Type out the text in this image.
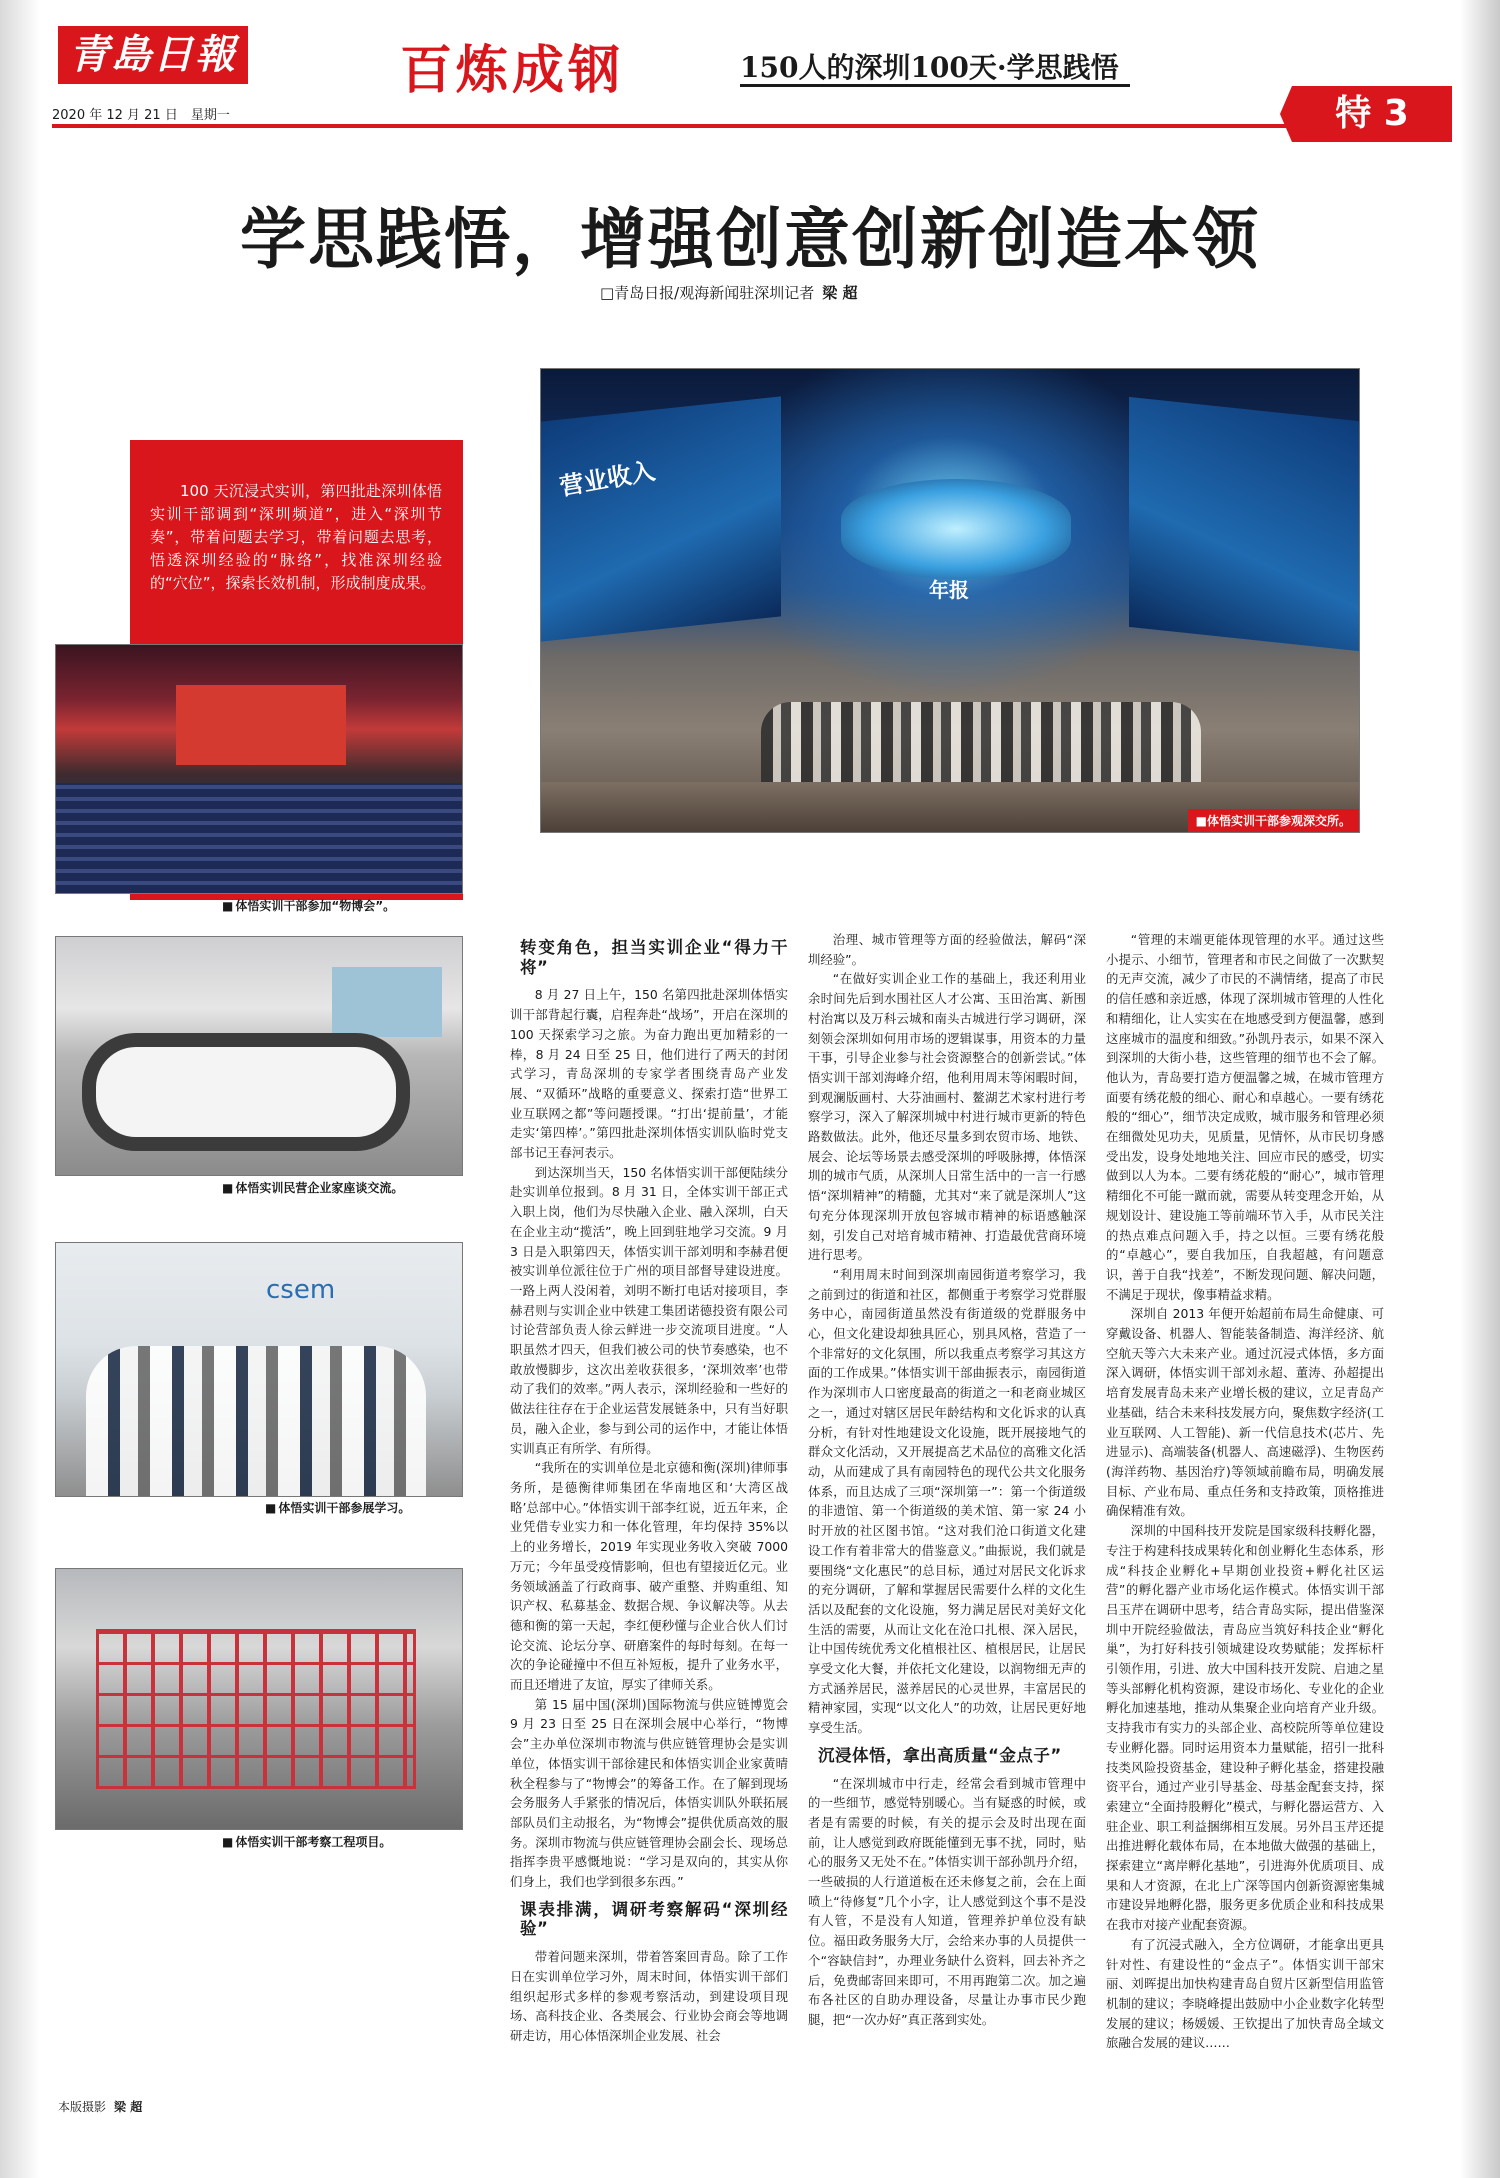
青島日報	百炼成钢	150人的深圳100天·学思践悟
2020 年 12 月 21 日　星期一	特 3
学思践悟，增强创意创新创造本领
□青岛日报/观海新闻驻深圳记者 梁 超

100 天沉浸式实训，第四批赴深圳体悟实训干部调到“深圳频道”，进入“深圳节奏”，带着问题去学习，带着问题去思考，悟透深圳经验的“脉络”，找准深圳经验的“穴位”，探索长效机制，形成制度成果。

营业收入
年报
■体悟实训干部参观深交所。
■ 体悟实训干部参加“物博会”。
■ 体悟实训民营企业家座谈交流。
csem
■ 体悟实训干部参展学习。
■ 体悟实训干部考察工程项目。
转变角色，担当实训企业“得力干将”

8 月 27 日上午，150 名第四批赴深圳体悟实训干部背起行囊，启程奔赴“战场”，开启在深圳的 100 天探索学习之旅。为奋力跑出更加精彩的一棒，8 月 24 日至 25 日，他们进行了两天的封闭式学习，青岛深圳的专家学者围绕青岛产业发展、“双循环”战略的重要意义、探索打造“世界工业互联网之都”等问题授课。“打出‘提前量’，才能走实‘第四棒’。”第四批赴深圳体悟实训队临时党支部书记王春河表示。

到达深圳当天，150 名体悟实训干部便陆续分赴实训单位报到。8 月 31 日，全体实训干部正式入职上岗，他们为尽快融入企业、融入深圳，白天在企业主动“揽活”，晚上回到驻地学习交流。9 月 3 日是入职第四天，体悟实训干部刘明和李赫君便被实训单位派往位于广州的项目部督导建设进度。一路上两人没闲着，刘明不断打电话对接项目，李赫君则与实训企业中铁建工集团诺德投资有限公司讨论营部负责人徐云鲜进一步交流项目进度。“人职虽然才四天，但我们被公司的快节奏感染，也不敢放慢脚步，这次出差收获很多，‘深圳效率’也带动了我们的效率。”两人表示，深圳经验和一些好的做法往往存在于企业运营发展链条中，只有当好职员，融入企业，参与到公司的运作中，才能让体悟实训真正有所学、有所得。

“我所在的实训单位是北京德和衡(深圳)律师事务所，是德衡律师集团在华南地区和‘大湾区战略’总部中心。”体悟实训干部李红说，近五年来，企业凭借专业实力和一体化管理，年均保持 35%以上的业务增长，2019 年实现业务收入突破 7000 万元；今年虽受疫情影响，但也有望接近亿元。业务领域涵盖了行政商事、破产重整、并购重组、知识产权、私募基金、数据合规、争议解决等。从去德和衡的第一天起，李红便秒懂与企业合伙人们讨论交流、论坛分享、研磨案件的每时每刻。在每一次的争论碰撞中不但互补短板，提升了业务水平，而且还增进了友谊，厚实了律师关系。

第 15 届中国(深圳)国际物流与供应链博览会 9 月 23 日至 25 日在深圳会展中心举行，“物博会”主办单位深圳市物流与供应链管理协会是实训单位，体悟实训干部徐建民和体悟实训企业家黄晴秋全程参与了“物博会”的筹备工作。在了解到现场会务服务人手紧张的情况后，体悟实训队外联拓展部队员们主动报名，为“物博会”提供优质高效的服务。深圳市物流与供应链管理协会副会长、现场总指挥李贵平感慨地说：“学习是双向的，其实从你们身上，我们也学到很多东西。”

课表排满，调研考察解码“深圳经验”

带着问题来深圳，带着答案回青岛。除了工作日在实训单位学习外，周末时间，体悟实训干部们组织起形式多样的参观考察活动，到建设项目现场、高科技企业、各类展会、行业协会商会等地调研走访，用心体悟深圳企业发展、社会

治理、城市管理等方面的经验做法，解码“深圳经验”。

“在做好实训企业工作的基础上，我还利用业余时间先后到水围社区人才公寓、玉田治寓、新围村治寓以及万科云城和南头古城进行学习调研，深刻领会深圳如何用市场的逻辑谋事，用资本的力量干事，引导企业参与社会资源整合的创新尝试。”体悟实训干部刘海峰介绍，他利用周末等闲暇时间，到观澜版画村、大芬油画村、鳌湖艺术家村进行考察学习，深入了解深圳城中村进行城市更新的特色路数做法。此外，他还尽量多到农贸市场、地铁、展会、论坛等场景去感受深圳的呼吸脉搏，体悟深圳的城市气质，从深圳人日常生活中的一言一行感悟“深圳精神”的精髓，尤其对“来了就是深圳人”这句充分体现深圳开放包容城市精神的标语感触深刻，引发自己对培育城市精神、打造最优营商环境进行思考。

“利用周末时间到深圳南园街道考察学习，我之前到过的街道和社区，都侧重于考察学习党群服务中心，南园街道虽然没有街道级的党群服务中心，但文化建设却独具匠心，别具风格，营造了一个非常好的文化氛围，所以我重点考察学习其这方面的工作成果。”体悟实训干部曲振表示，南园街道作为深圳市人口密度最高的街道之一和老商业城区之一，通过对辖区居民年龄结构和文化诉求的认真分析，有针对性地建设文化设施，既开展接地气的群众文化活动，又开展提高艺术品位的高雅文化活动，从而建成了具有南园特色的现代公共文化服务体系，而且达成了三项“深圳第一”：第一个街道级的非遗馆、第一个街道级的美术馆、第一家 24 小时开放的社区图书馆。“这对我们沧口街道文化建设工作有着非常大的借鉴意义。”曲振说，我们就是要围绕“文化惠民”的总目标，通过对居民文化诉求的充分调研，了解和掌握居民需要什么样的文化生活以及配套的文化设施，努力满足居民对美好文化生活的需要，从而让文化在沧口扎根、深入居民，让中国传统优秀文化植根社区、植根居民，让居民享受文化大餐，并依托文化建设，以润物细无声的方式涵养居民，滋养居民的心灵世界，丰富居民的精神家园，实现“以文化人”的功效，让居民更好地享受生活。

沉浸体悟，拿出高质量“金点子”

“在深圳城市中行走，经常会看到城市管理中的一些细节，感觉特别暖心。当有疑惑的时候，或者是有需要的时候，有关的提示会及时出现在面前，让人感觉到政府既能懂到无事不扰，同时，贴心的服务又无处不在。”体悟实训干部孙凯丹介绍，一些破损的人行道道板在还未修复之前，会在上面喷上“待修复”几个小字，让人感觉到这个事不是没有人管，不是没有人知道，管理养护单位没有缺位。福田政务服务大厅，会给来办事的人员提供一个“容缺信封”，办理业务缺什么资料，回去补齐之后，免费邮寄回来即可，不用再跑第二次。加之遍布各社区的自助办理设备，尽量让办事市民少跑腿，把“一次办好”真正落到实处。

“管理的末端更能体现管理的水平。通过这些小提示、小细节，管理者和市民之间做了一次默契的无声交流，减少了市民的不满情绪，提高了市民的信任感和亲近感，体现了深圳城市管理的人性化和精细化，让人实实在在地感受到方便温馨，感到这座城市的温度和细致。”孙凯丹表示，如果不深入到深圳的大街小巷，这些管理的细节也不会了解。他认为，青岛要打造方便温馨之城，在城市管理方面要有绣花般的细心、耐心和卓越心。一要有绣花般的“细心”，细节决定成败，城市服务和管理必须在细微处见功夫，见质量，见情怀，从市民切身感受出发，设身处地地关注、回应市民的感受，切实做到以人为本。二要有绣花般的“耐心”，城市管理精细化不可能一蹴而就，需要从转变理念开始，从规划设计、建设施工等前端环节入手，从市民关注的热点难点问题入手，持之以恒。三要有绣花般的“卓越心”，要自我加压，自我超越，有问题意识，善于自我“找差”，不断发现问题、解决问题，不满足于现状，像事精益求精。

深圳自 2013 年便开始超前布局生命健康、可穿戴设备、机器人、智能装备制造、海洋经济、航空航天等六大未来产业。通过沉浸式体悟，多方面深入调研，体悟实训干部刘永超、董涛、孙超提出培育发展青岛未来产业增长极的建议，立足青岛产业基础，结合未来科技发展方向，聚焦数字经济(工业互联网、人工智能)、新一代信息技术(芯片、先进显示)、高端装备(机器人、高速磁浮)、生物医药(海洋药物、基因治疗)等领域前瞻布局，明确发展目标、产业布局、重点任务和支持政策，顶格推进确保精准有效。

深圳的中国科技开发院是国家级科技孵化器，专注于构建科技成果转化和创业孵化生态体系，形成“科技企业孵化+早期创业投资+孵化社区运营”的孵化器产业市场化运作模式。体悟实训干部吕玉芹在调研中思考，结合青岛实际，提出借鉴深圳中开院经验做法，青岛应当筑好科技企业“孵化巢”，为打好科技引领城建设攻势赋能；发挥标杆引领作用，引进、放大中国科技开发院、启迪之星等头部孵化机构资源，建设市场化、专业化的企业孵化加速基地，推动从集聚企业向培育产业升级。支持我市有实力的头部企业、高校院所等单位建设专业孵化器。同时运用资本力量赋能，招引一批科技类风险投资基金，建设种子孵化基金，搭建投融资平台，通过产业引导基金、母基金配套支持，探索建立“全面持股孵化”模式，与孵化器运营方、入驻企业、职工利益捆绑相互发展。另外吕玉芹还提出推进孵化载体布局，在本地做大做强的基础上，探索建立“离岸孵化基地”，引进海外优质项目、成果和人才资源，在北上广深等国内创新资源密集城市建设异地孵化器，服务更多优质企业和科技成果在我市对接产业配套资源。

有了沉浸式融入，全方位调研，才能拿出更具针对性、有建设性的“金点子”。体悟实训干部宋丽、刘晖提出加快构建青岛自贸片区新型信用监管机制的建议；李晓峰提出鼓励中小企业数字化转型发展的建议；杨媛媛、王钦提出了加快青岛全域文旅融合发展的建议……

本版摄影 梁 超
